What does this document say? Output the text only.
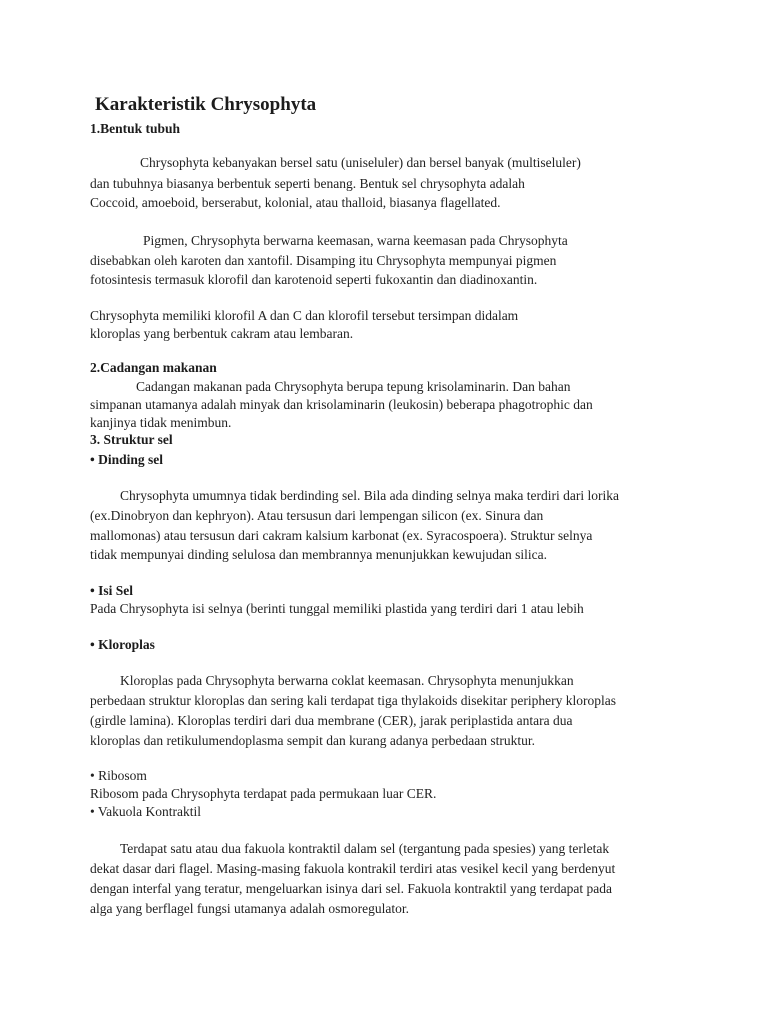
Karakteristik Chrysophyta
1.Bentuk tubuh
Chrysophyta kebanyakan bersel satu (uniseluler) dan bersel banyak (multiseluler)
dan tubuhnya biasanya berbentuk seperti benang. Bentuk sel chrysophyta adalah
Coccoid, amoeboid, berserabut, kolonial, atau thalloid, biasanya flagellated.
Pigmen, Chrysophyta berwarna keemasan, warna keemasan pada Chrysophyta
disebabkan oleh karoten dan xantofil. Disamping itu Chrysophyta mempunyai pigmen
fotosintesis termasuk klorofil dan karotenoid seperti fukoxantin dan diadinoxantin.
Chrysophyta memiliki klorofil A dan C dan klorofil tersebut tersimpan didalam
kloroplas yang berbentuk cakram atau lembaran.
2.Cadangan makanan
Cadangan makanan pada Chrysophyta berupa tepung krisolaminarin. Dan bahan
simpanan utamanya adalah minyak dan krisolaminarin (leukosin) beberapa phagotrophic dan
kanjinya tidak menimbun.
3. Struktur sel
• Dinding sel
Chrysophyta umumnya tidak berdinding sel. Bila ada dinding selnya maka terdiri dari lorika
(ex.Dinobryon dan kephryon). Atau tersusun dari lempengan silicon (ex. Sinura dan
mallomonas) atau tersusun dari cakram kalsium karbonat (ex. Syracospoera). Struktur selnya
tidak mempunyai dinding selulosa dan membrannya menunjukkan kewujudan silica.
• Isi Sel
Pada Chrysophyta isi selnya (berinti tunggal memiliki plastida yang terdiri dari 1 atau lebih
• Kloroplas
Kloroplas pada Chrysophyta berwarna coklat keemasan. Chrysophyta menunjukkan
perbedaan struktur kloroplas dan sering kali terdapat tiga thylakoids disekitar periphery kloroplas
(girdle lamina). Kloroplas terdiri dari dua membrane (CER), jarak periplastida antara dua
kloroplas dan retikulumendoplasma sempit dan kurang adanya perbedaan struktur.
• Ribosom
Ribosom pada Chrysophyta terdapat pada permukaan luar CER.
• Vakuola Kontraktil
Terdapat satu atau dua fakuola kontraktil dalam sel (tergantung pada spesies) yang terletak
dekat dasar dari flagel. Masing-masing fakuola kontrakil terdiri atas vesikel kecil yang berdenyut
dengan interfal yang teratur, mengeluarkan isinya dari sel. Fakuola kontraktil yang terdapat pada
alga yang berflagel fungsi utamanya adalah osmoregulator.
